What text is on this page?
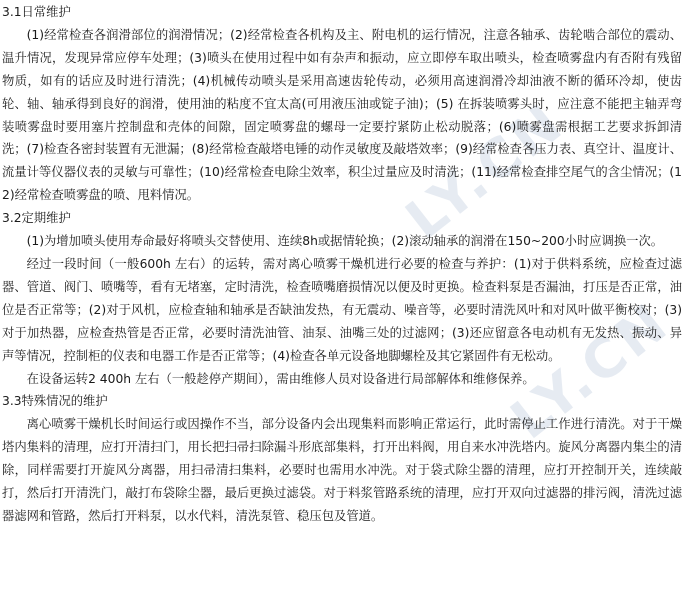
LY.CN
LY.CN
3.1日常维护

(1)经常检查各润滑部位的润滑情况；(2)经常检查各机构及主、附电机的运行情况，注意各轴承、齿轮啮合部位的震动、温升情况，发现异常应停车处理；(3)喷头在使用过程中如有杂声和振动，应立即停车取出喷头，检查喷雾盘内有否附有残留物质，如有的话应及时进行清洗；(4)机械传动喷头是采用高速齿轮传动，必须用高速润滑冷却油液不断的循环冷却，使齿轮、轴、轴承得到良好的润滑，使用油的粘度不宜太高(可用液压油或锭子油)；(5) 在拆装喷雾头时，应注意不能把主轴弄弯装喷雾盘时要用塞片控制盘和壳体的间隙，固定喷雾盘的螺母一定要拧紧防止松动脱落；(6)喷雾盘需根据工艺要求拆卸清洗；(7)检查各密封装置有无泄漏；(8)经常检查敲塔电锤的动作灵敏度及敲塔效率；(9)经常检查各压力表、真空计、温度计、流量计等仪器仪表的灵敏与可靠性；(10)经常检查电除尘效率，积尘过量应及时清洗；(11)经常检查排空尾气的含尘情况；(12)经常检查喷雾盘的喷、甩料情况。

3.2定期维护

(1)为增加喷头使用寿命最好将喷头交替使用、连续8h或据情轮换；(2)滚动轴承的润滑在150~200小时应调换一次。

经过一段时间（一般600h 左右）的运转，需对离心喷雾干燥机进行必要的检查与养护：(1)对于供料系统，应检查过滤器、管道、阀门、喷嘴等，看有无堵塞，定时清洗，检查喷嘴磨损情况以便及时更换。检查料泵是否漏油，打压是否正常，油位是否正常等；(2)对于风机，应检查轴和轴承是否缺油发热，有无震动、噪音等，必要时清洗风叶和对风叶做平衡校对；(3)对于加热器，应检查热管是否正常，必要时清洗油管、油泵、油嘴三处的过滤网；(3)还应留意各电动机有无发热、振动、异声等情况，控制柜的仪表和电器工作是否正常等；(4)检查各单元设备地脚螺栓及其它紧固件有无松动。

在设备运转2 400h 左右（一般趁停产期间），需由维修人员对设备进行局部解体和维修保养。

3.3特殊情况的维护

离心喷雾干燥机长时间运行或因操作不当，部分设备内会出现集料而影响正常运行，此时需停止工作进行清洗。对于干燥塔内集料的清理，应打开清扫门，用长把扫帚扫除漏斗形底部集料，打开出料阀，用自来水冲洗塔内。旋风分离器内集尘的清除，同样需要打开旋风分离器，用扫帚清扫集料，必要时也需用水冲洗。对于袋式除尘器的清理，应打开控制开关，连续敲打，然后打开清洗门，敲打布袋除尘器，最后更换过滤袋。对于料浆管路系统的清理，应打开双向过滤器的排污阀，清洗过滤器滤网和管路，然后打开料泵，以水代料，清洗泵管、稳压包及管道。
